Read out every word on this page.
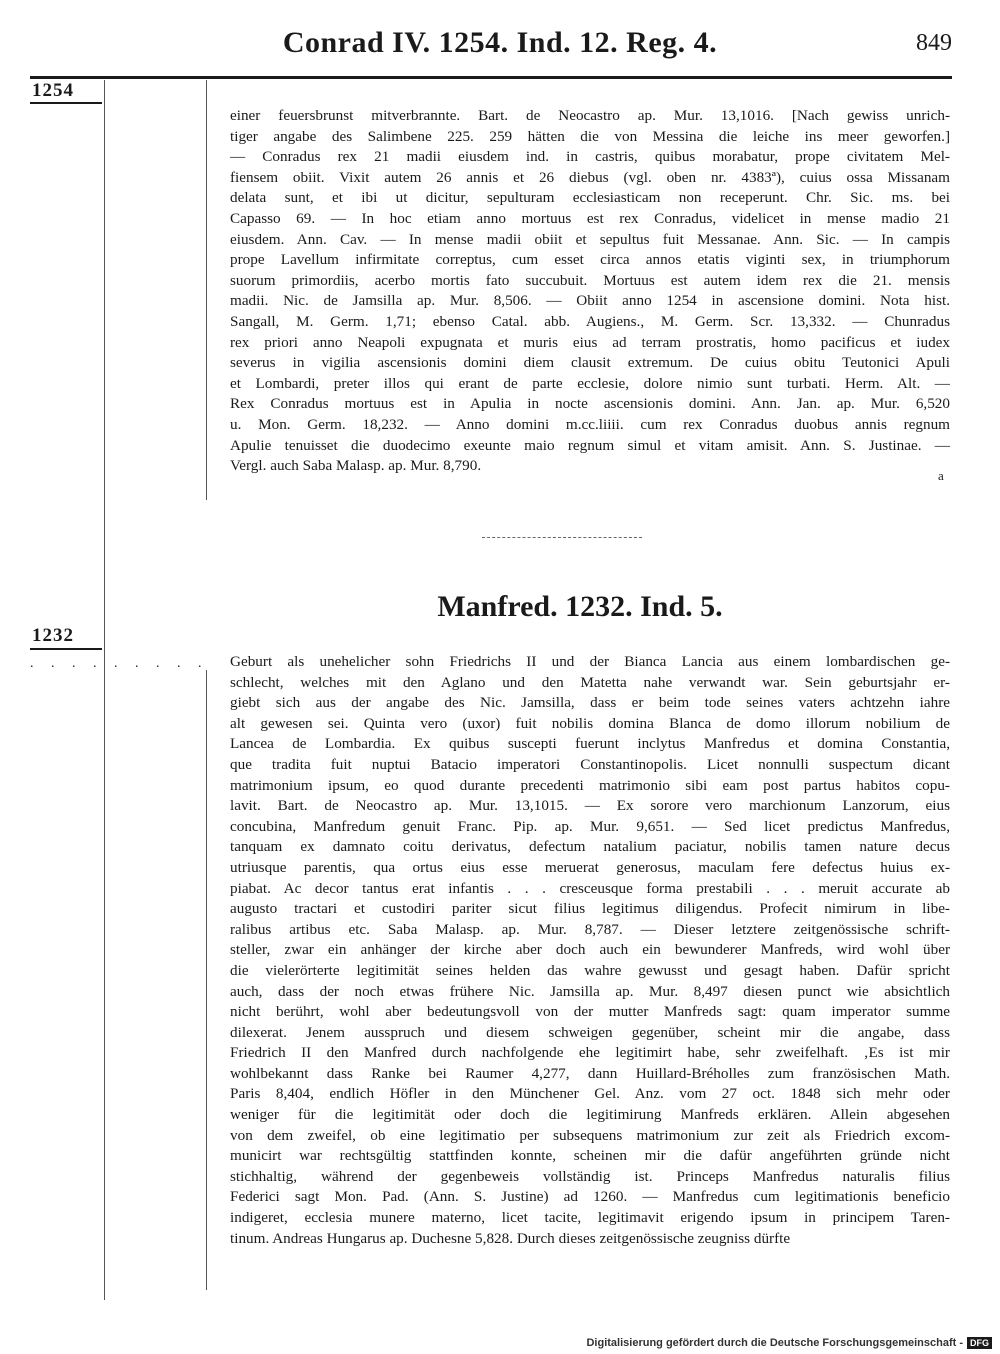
Conrad IV. 1254. Ind. 12. Reg. 4.	849
1254
einer feuersbrunst mitverbrannte. Bart. de Neocastro ap. Mur. 13,1016. [Nach gewiss unrich-
tiger angabe des Salimbene 225. 259 hätten die von Messina die leiche ins meer geworfen.]
— Conradus rex 21 madii eiusdem ind. in castris, quibus morabatur, prope civitatem Mel-
fiensem obiit. Vixit autem 26 annis et 26 diebus (vgl. oben nr. 4383ª), cuius ossa Missanam
delata sunt, et ibi ut dicitur, sepulturam ecclesiasticam non receperunt. Chr. Sic. ms. bei
Capasso 69. — In hoc etiam anno mortuus est rex Conradus, videlicet in mense madio 21
eiusdem. Ann. Cav. — In mense madii obiit et sepultus fuit Messanae. Ann. Sic. — In campis
prope Lavellum infirmitate correptus, cum esset circa annos etatis viginti sex, in triumphorum
suorum primordiis, acerbo mortis fato succubuit. Mortuus est autem idem rex die 21. mensis
madii. Nic. de Jamsilla ap. Mur. 8,506. — Obiit anno 1254 in ascensione domini. Nota hist.
Sangall, M. Germ. 1,71; ebenso Catal. abb. Augiens., M. Germ. Scr. 13,332. — Chunradus
rex priori anno Neapoli expugnata et muris eius ad terram prostratis, homo pacificus et iudex
severus in vigilia ascensionis domini diem clausit extremum. De cuius obitu Teutonici Apuli
et Lombardi, preter illos qui erant de parte ecclesie, dolore nimio sunt turbati. Herm. Alt. —
Rex Conradus mortuus est in Apulia in nocte ascensionis domini. Ann. Jan. ap. Mur. 6,520
u. Mon. Germ. 18,232. — Anno domini m.cc.liiii. cum rex Conradus duobus annis regnum
Apulie tenuisset die duodecimo exeunte maio regnum simul et vitam amisit. Ann. S. Justinae. —
Vergl. auch Saba Malasp. ap. Mur. 8,790.
a
Manfred. 1232. Ind. 5.
1232
. . . . . . . . . Geburt als unehelicher sohn Friedrichs II und der Bianca Lancia aus einem lombardischen ge-
schlecht, welches mit den Aglano und den Matetta nahe verwandt war. Sein geburtsjahr er-
giebt sich aus der angabe des Nic. Jamsilla, dass er beim tode seines vaters achtzehn iahre
alt gewesen sei. Quinta vero (uxor) fuit nobilis domina Blanca de domo illorum nobilium de
Lancea de Lombardia. Ex quibus suscepti fuerunt inclytus Manfredus et domina Constantia,
que tradita fuit nuptui Batacio imperatori Constantinopolis. Licet nonnulli suspectum dicant
matrimonium ipsum, eo quod durante precedenti matrimonio sibi eam post partus habitos copu-
lavit. Bart. de Neocastro ap. Mur. 13,1015. — Ex sorore vero marchionum Lanzorum, eius
concubina, Manfredum genuit Franc. Pip. ap. Mur. 9,651. — Sed licet predictus Manfredus,
tanquam ex damnato coitu derivatus, defectum natalium paciatur, nobilis tamen nature decus
utriusque parentis, qua ortus eius esse meruerat generosus, maculam fere defectus huius ex-
piabat. Ac decor tantus erat infantis . . . cresceusque forma prestabili . . . meruit accurate ab
augusto tractari et custodiri pariter sicut filius legitimus diligendus. Profecit nimirum in libe-
ralibus artibus etc. Saba Malasp. ap. Mur. 8,787. — Dieser letztere zeitgenössische schrift-
steller, zwar ein anhänger der kirche aber doch auch ein bewunderer Manfreds, wird wohl über
die vielerörterte legitimität seines helden das wahre gewusst und gesagt haben. Dafür spricht
auch, dass der noch etwas frühere Nic. Jamsilla ap. Mur. 8,497 diesen punct wie absichtlich
nicht berührt, wohl aber bedeutungsvoll von der mutter Manfreds sagt: quam imperator summe
dilexerat. Jenem ausspruch und diesem schweigen gegenüber, scheint mir die angabe, dass
Friedrich II den Manfred durch nachfolgende ehe legitimirt habe, sehr zweifelhaft. ‚Es ist mir
wohlbekannt dass Ranke bei Raumer 4,277, dann Huillard-Bréholles zum französischen Math.
Paris 8,404, endlich Höfler in den Münchener Gel. Anz. vom 27 oct. 1848 sich mehr oder
weniger für die legitimität oder doch die legitimirung Manfreds erklären. Allein abgesehen
von dem zweifel, ob eine legitimatio per subsequens matrimonium zur zeit als Friedrich excom-
municirt war rechtsgültig stattfinden konnte, scheinen mir die dafür angeführten gründe nicht
stichhaltig, während der gegenbeweis vollständig ist. Princeps Manfredus naturalis filius
Federici sagt Mon. Pad. (Ann. S. Justine) ad 1260. — Manfredus cum legitimationis beneficio
indigeret, ecclesia munere materno, licet tacite, legitimavit erigendo ipsum in principem Taren-
tinum. Andreas Hungarus ap. Duchesne 5,828. Durch dieses zeitgenössische zeugniss dürfte
Digitalisierung gefördert durch die Deutsche Forschungsgemeinschaft - DFG
